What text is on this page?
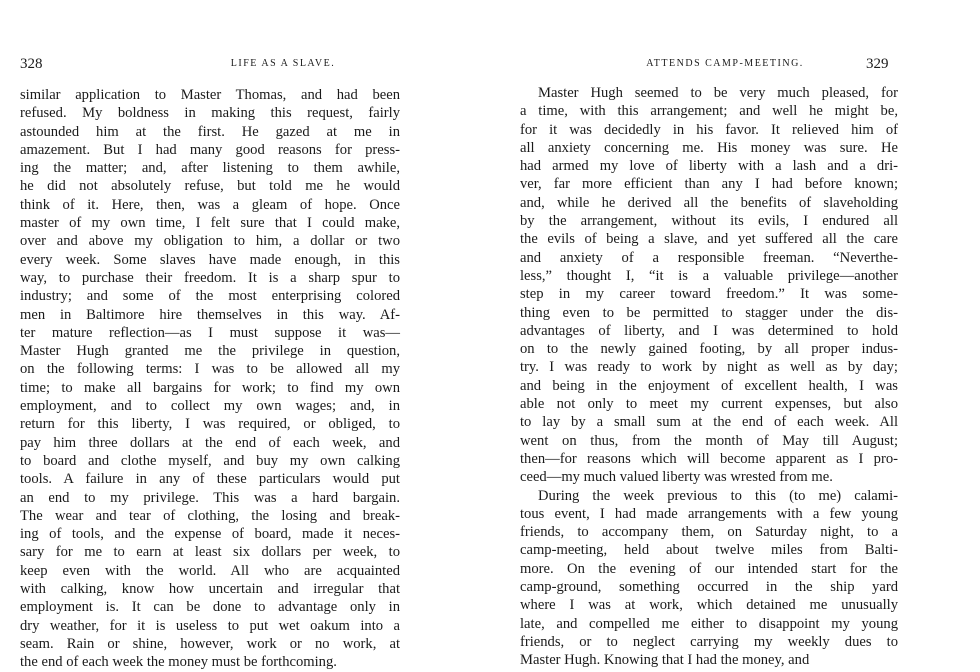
328	LIFE AS A SLAVE.
similar application to Master Thomas, and had been
refused. My boldness in making this request, fairly
astounded him at the first. He gazed at me in
amazement. But I had many good reasons for press-
ing the matter; and, after listening to them awhile,
he did not absolutely refuse, but told me he would
think of it. Here, then, was a gleam of hope. Once
master of my own time, I felt sure that I could make,
over and above my obligation to him, a dollar or two
every week. Some slaves have made enough, in this
way, to purchase their freedom. It is a sharp spur to
industry; and some of the most enterprising colored
men in Baltimore hire themselves in this way. Af-
ter mature reflection—as I must suppose it was—
Master Hugh granted me the privilege in question,
on the following terms: I was to be allowed all my
time; to make all bargains for work; to find my own
employment, and to collect my own wages; and, in
return for this liberty, I was required, or obliged, to
pay him three dollars at the end of each week, and
to board and clothe myself, and buy my own calking
tools. A failure in any of these particulars would put
an end to my privilege. This was a hard bargain.
The wear and tear of clothing, the losing and break-
ing of tools, and the expense of board, made it neces-
sary for me to earn at least six dollars per week, to
keep even with the world. All who are acquainted
with calking, know how uncertain and irregular that
employment is. It can be done to advantage only in
dry weather, for it is useless to put wet oakum into a
seam. Rain or shine, however, work or no work, at
the end of each week the money must be forthcoming.
ATTENDS CAMP-MEETING.	329
Master Hugh seemed to be very much pleased, for
a time, with this arrangement; and well he might be,
for it was decidedly in his favor. It relieved him of
all anxiety concerning me. His money was sure. He
had armed my love of liberty with a lash and a dri-
ver, far more efficient than any I had before known;
and, while he derived all the benefits of slaveholding
by the arrangement, without its evils, I endured all
the evils of being a slave, and yet suffered all the care
and anxiety of a responsible freeman. “Neverthe-
less,” thought I, “it is a valuable privilege—another
step in my career toward freedom.” It was some-
thing even to be permitted to stagger under the dis-
advantages of liberty, and I was determined to hold
on to the newly gained footing, by all proper indus-
try. I was ready to work by night as well as by day;
and being in the enjoyment of excellent health, I was
able not only to meet my current expenses, but also
to lay by a small sum at the end of each week. All
went on thus, from the month of May till August;
then—for reasons which will become apparent as I pro-
ceed—my much valued liberty was wrested from me.
During the week previous to this (to me) calami-
tous event, I had made arrangements with a few young
friends, to accompany them, on Saturday night, to a
camp-meeting, held about twelve miles from Balti-
more. On the evening of our intended start for the
camp-ground, something occurred in the ship yard
where I was at work, which detained me unusually
late, and compelled me either to disappoint my young
friends, or to neglect carrying my weekly dues to
Master Hugh. Knowing that I had the money, and
